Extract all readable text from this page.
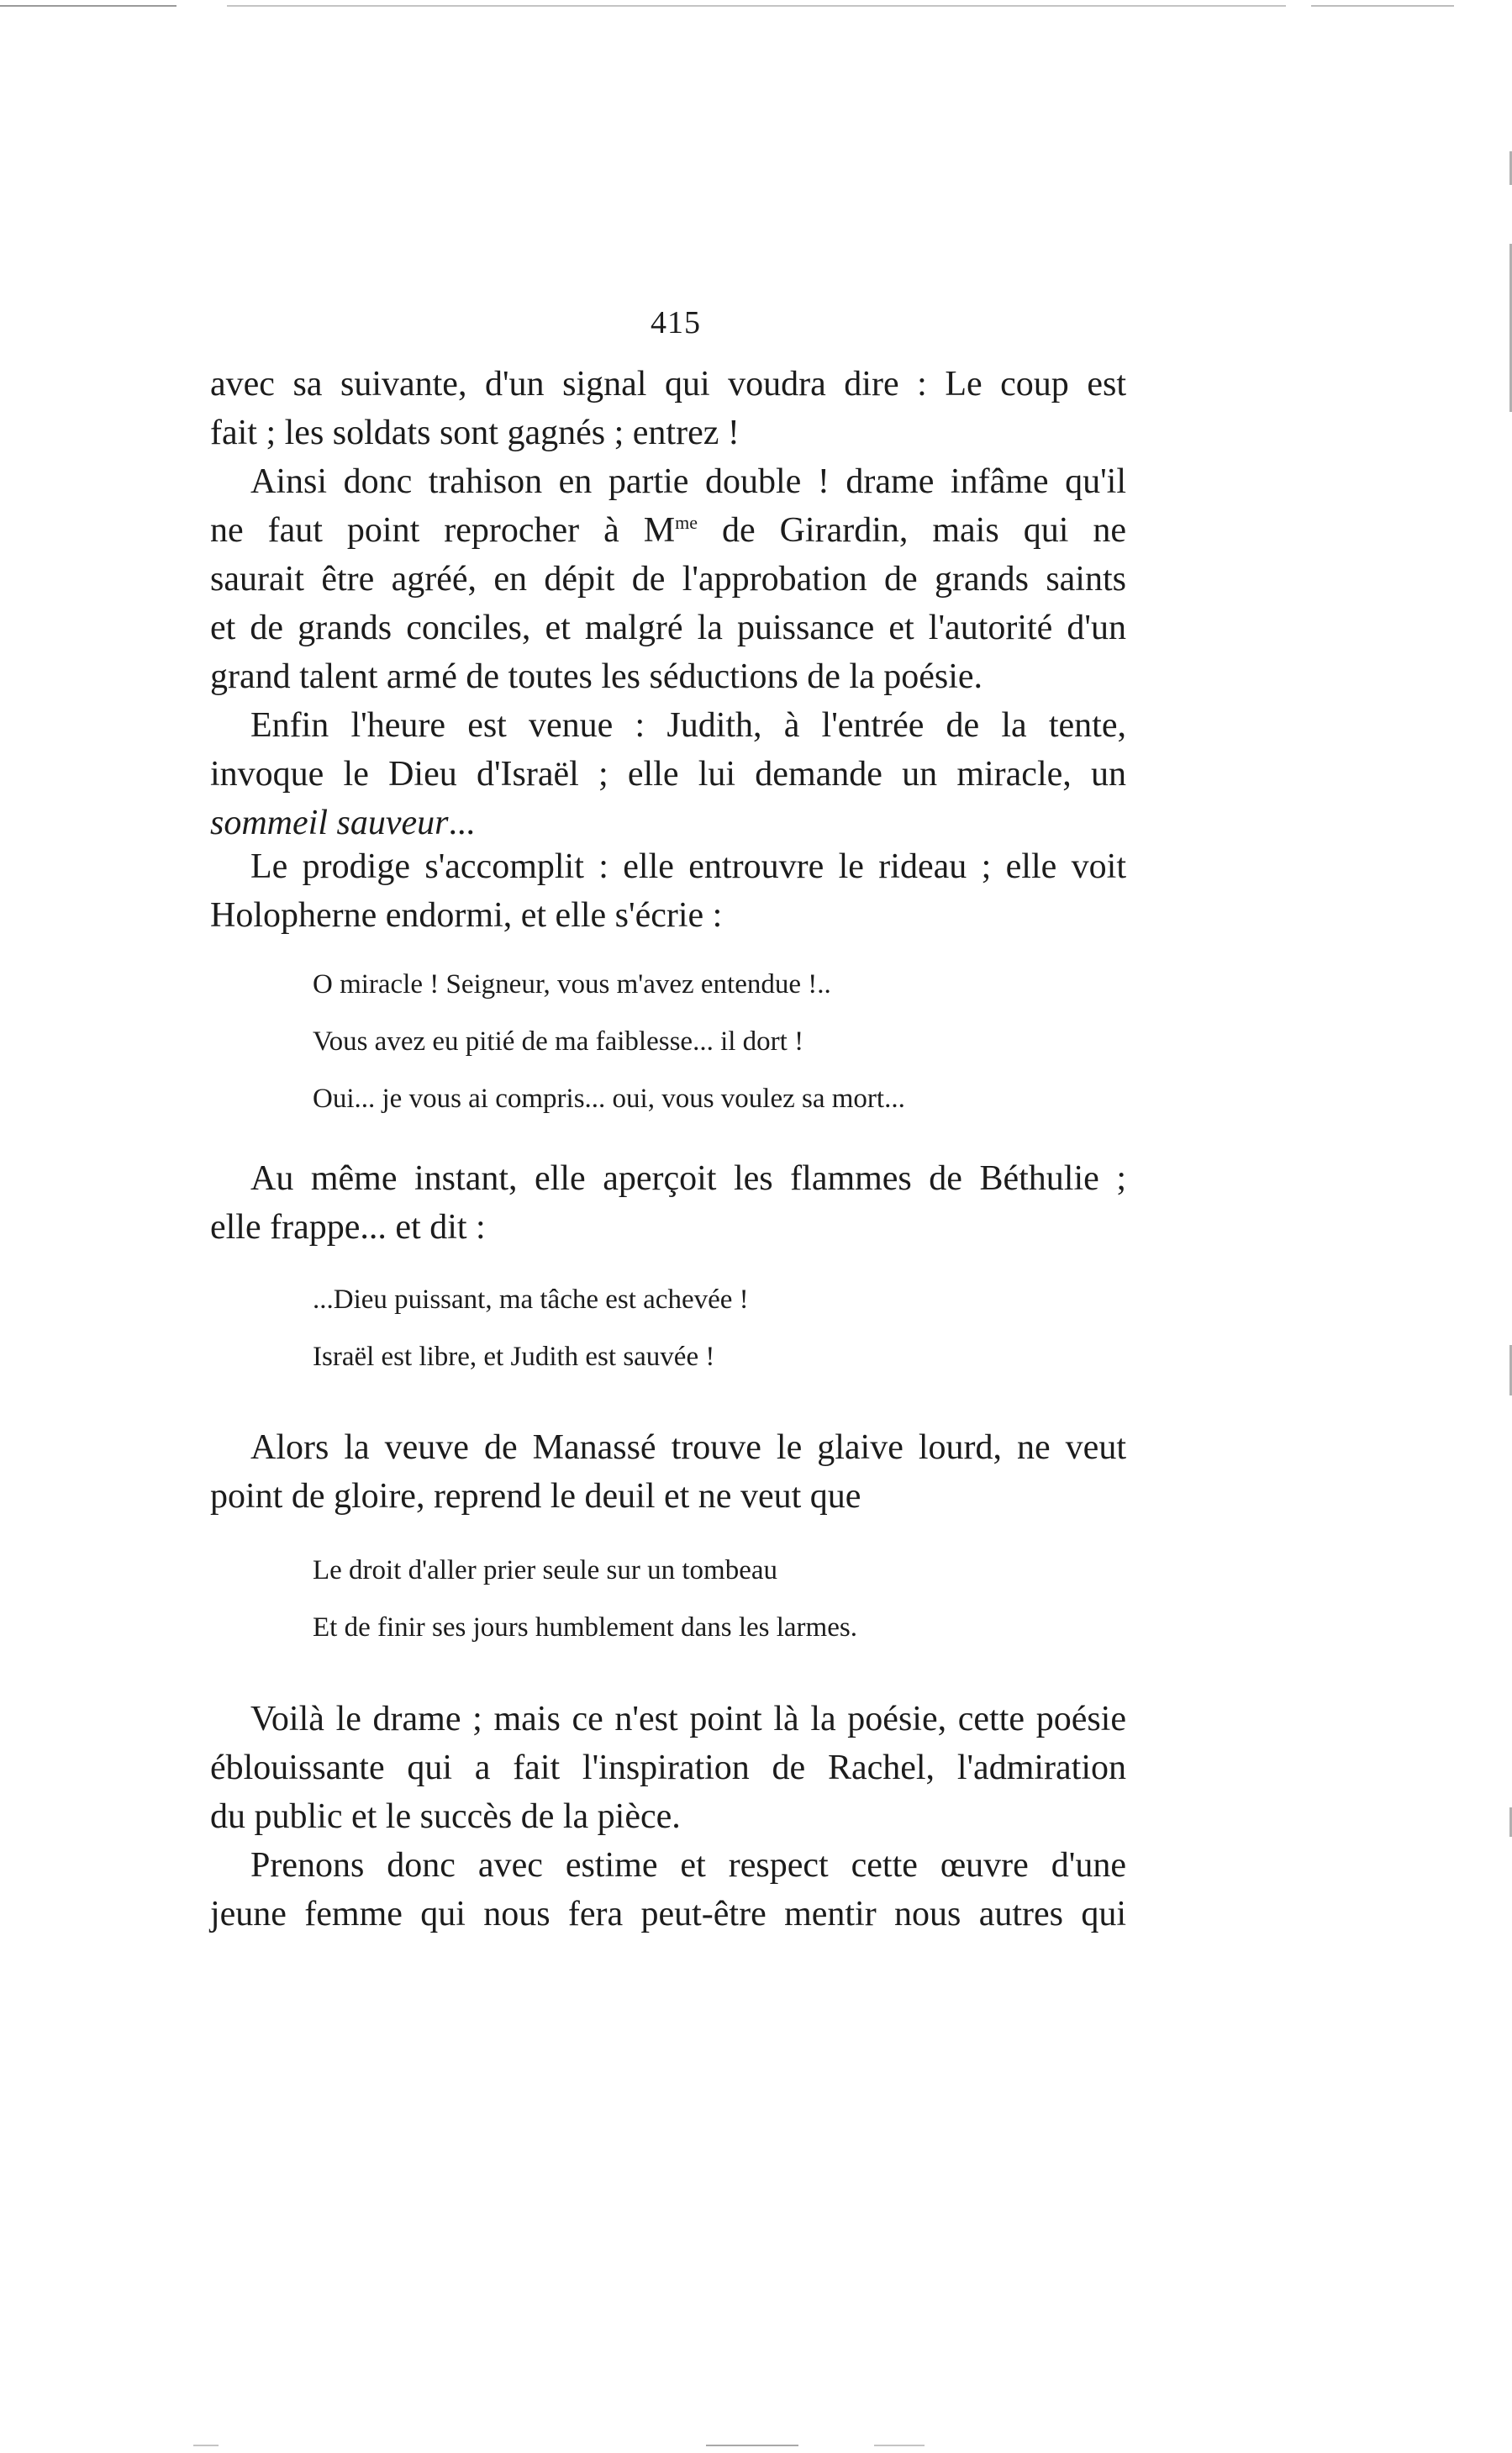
415
avec sa suivante, d'un signal qui voudra dire : Le coup est
fait ; les soldats sont gagnés ; entrez !
Ainsi donc trahison en partie double ! drame infâme qu'il
ne faut point reprocher à $M^{me}$ de Girardin, mais qui ne
saurait être agréé, en dépit de l'approbation de grands saints
et de grands conciles, et malgré la puissance et l'autorité d'un
grand talent armé de toutes les séductions de la poésie.
Enfin l'heure est venue : Judith, à l'entrée de la tente,
invoque le Dieu d'Israël ; elle lui demande un miracle, un
sommeil sauveur...
Le prodige s'accomplit : elle entrouvre le rideau ; elle voit
Holopherne endormi, et elle s'écrie :
O miracle ! Seigneur, vous m'avez entendue !..
Vous avez eu pitié de ma faiblesse... il dort !
Oui... je vous ai compris... oui, vous voulez sa mort...
Au même instant, elle aperçoit les flammes de Béthulie ;
elle frappe... et dit :
...Dieu puissant, ma tâche est achevée !
Israël est libre, et Judith est sauvée !
Alors la veuve de Manassé trouve le glaive lourd, ne veut
point de gloire, reprend le deuil et ne veut que
Le droit d'aller prier seule sur un tombeau
Et de finir ses jours humblement dans les larmes.
Voilà le drame ; mais ce n'est point là la poésie, cette poésie
éblouissante qui a fait l'inspiration de Rachel, l'admiration
du public et le succès de la pièce.
Prenons donc avec estime et respect cette œuvre d'une
jeune femme qui nous fera peut-être mentir nous autres qui
